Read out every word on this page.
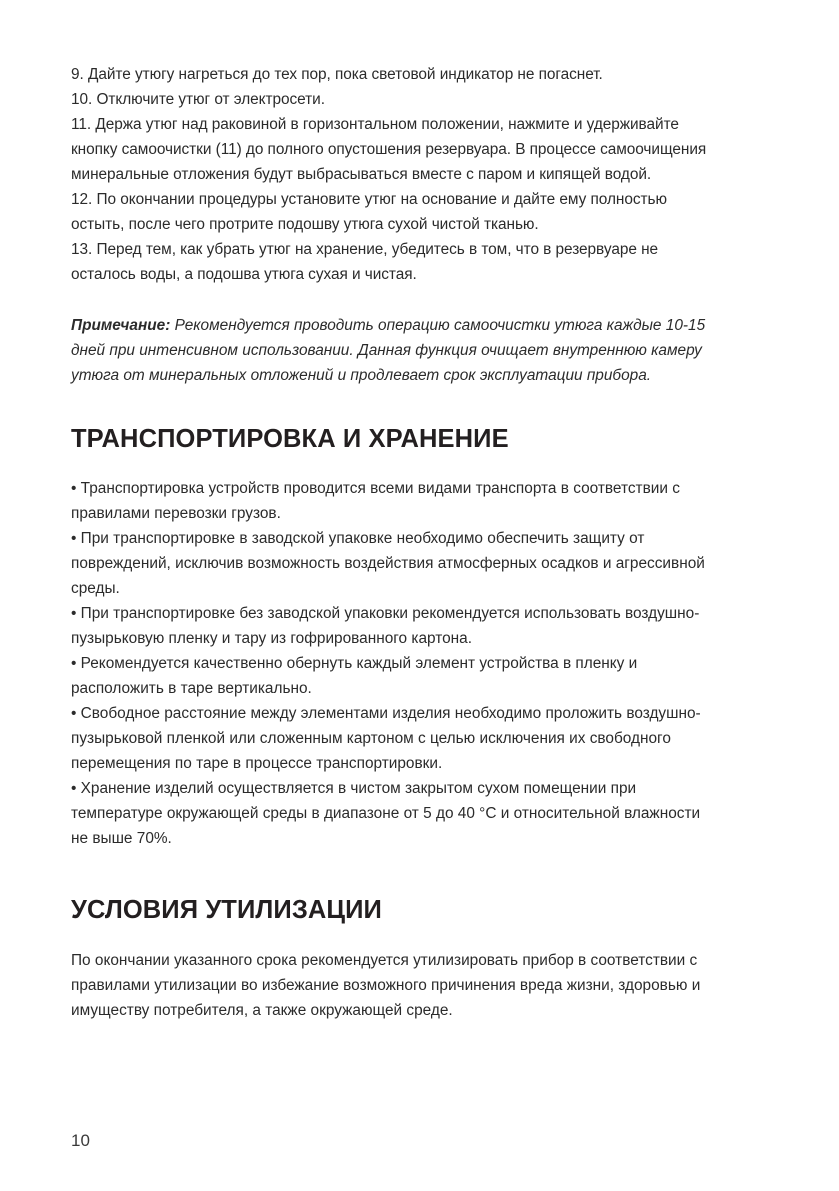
9. Дайте утюгу нагреться до тех пор, пока световой индикатор не погаснет.
10. Отключите утюг от электросети.
11. Держа утюг над раковиной в горизонтальном положении, нажмите и удерживайте
кнопку самоочистки (11) до полного опустошения резервуара. В процессе самоочищения
минеральные отложения будут выбрасываться вместе с паром и кипящей водой.
12. По окончании процедуры установите утюг на основание и дайте ему полностью
остыть, после чего протрите подошву утюга сухой чистой тканью.
13. Перед тем, как убрать утюг на хранение, убедитесь в том, что в резервуаре не
осталось воды, а подошва утюга сухая и чистая.
Примечание: Рекомендуется проводить операцию самоочистки утюга каждые 10-15
дней при интенсивном использовании. Данная функция очищает внутреннюю камеру
утюга от минеральных отложений и продлевает срок эксплуатации прибора.
ТРАНСПОРТИРОВКА И ХРАНЕНИЕ
• Транспортировка устройств проводится всеми видами транспорта в соответствии с
правилами перевозки грузов.
• При транспортировке в заводской упаковке необходимо обеспечить защиту от
повреждений, исключив возможность воздействия атмосферных осадков и агрессивной
среды.
• При транспортировке без заводской упаковки рекомендуется использовать воздушно-
пузырьковую пленку и тару из гофрированного картона.
• Рекомендуется качественно обернуть каждый элемент устройства в пленку и
расположить в таре вертикально.
• Свободное расстояние между элементами изделия необходимо проложить воздушно-
пузырьковой пленкой или сложенным картоном с целью исключения их свободного
перемещения по таре в процессе транспортировки.
• Хранение изделий осуществляется в чистом закрытом сухом помещении при
температуре окружающей среды в диапазоне от 5 до 40 °C и относительной влажности
не выше 70%.
УСЛОВИЯ УТИЛИЗАЦИИ
По окончании указанного срока рекомендуется утилизировать прибор в соответствии с
правилами утилизации во избежание возможного причинения вреда жизни, здоровью и
имуществу потребителя, а также окружающей среде.
10
